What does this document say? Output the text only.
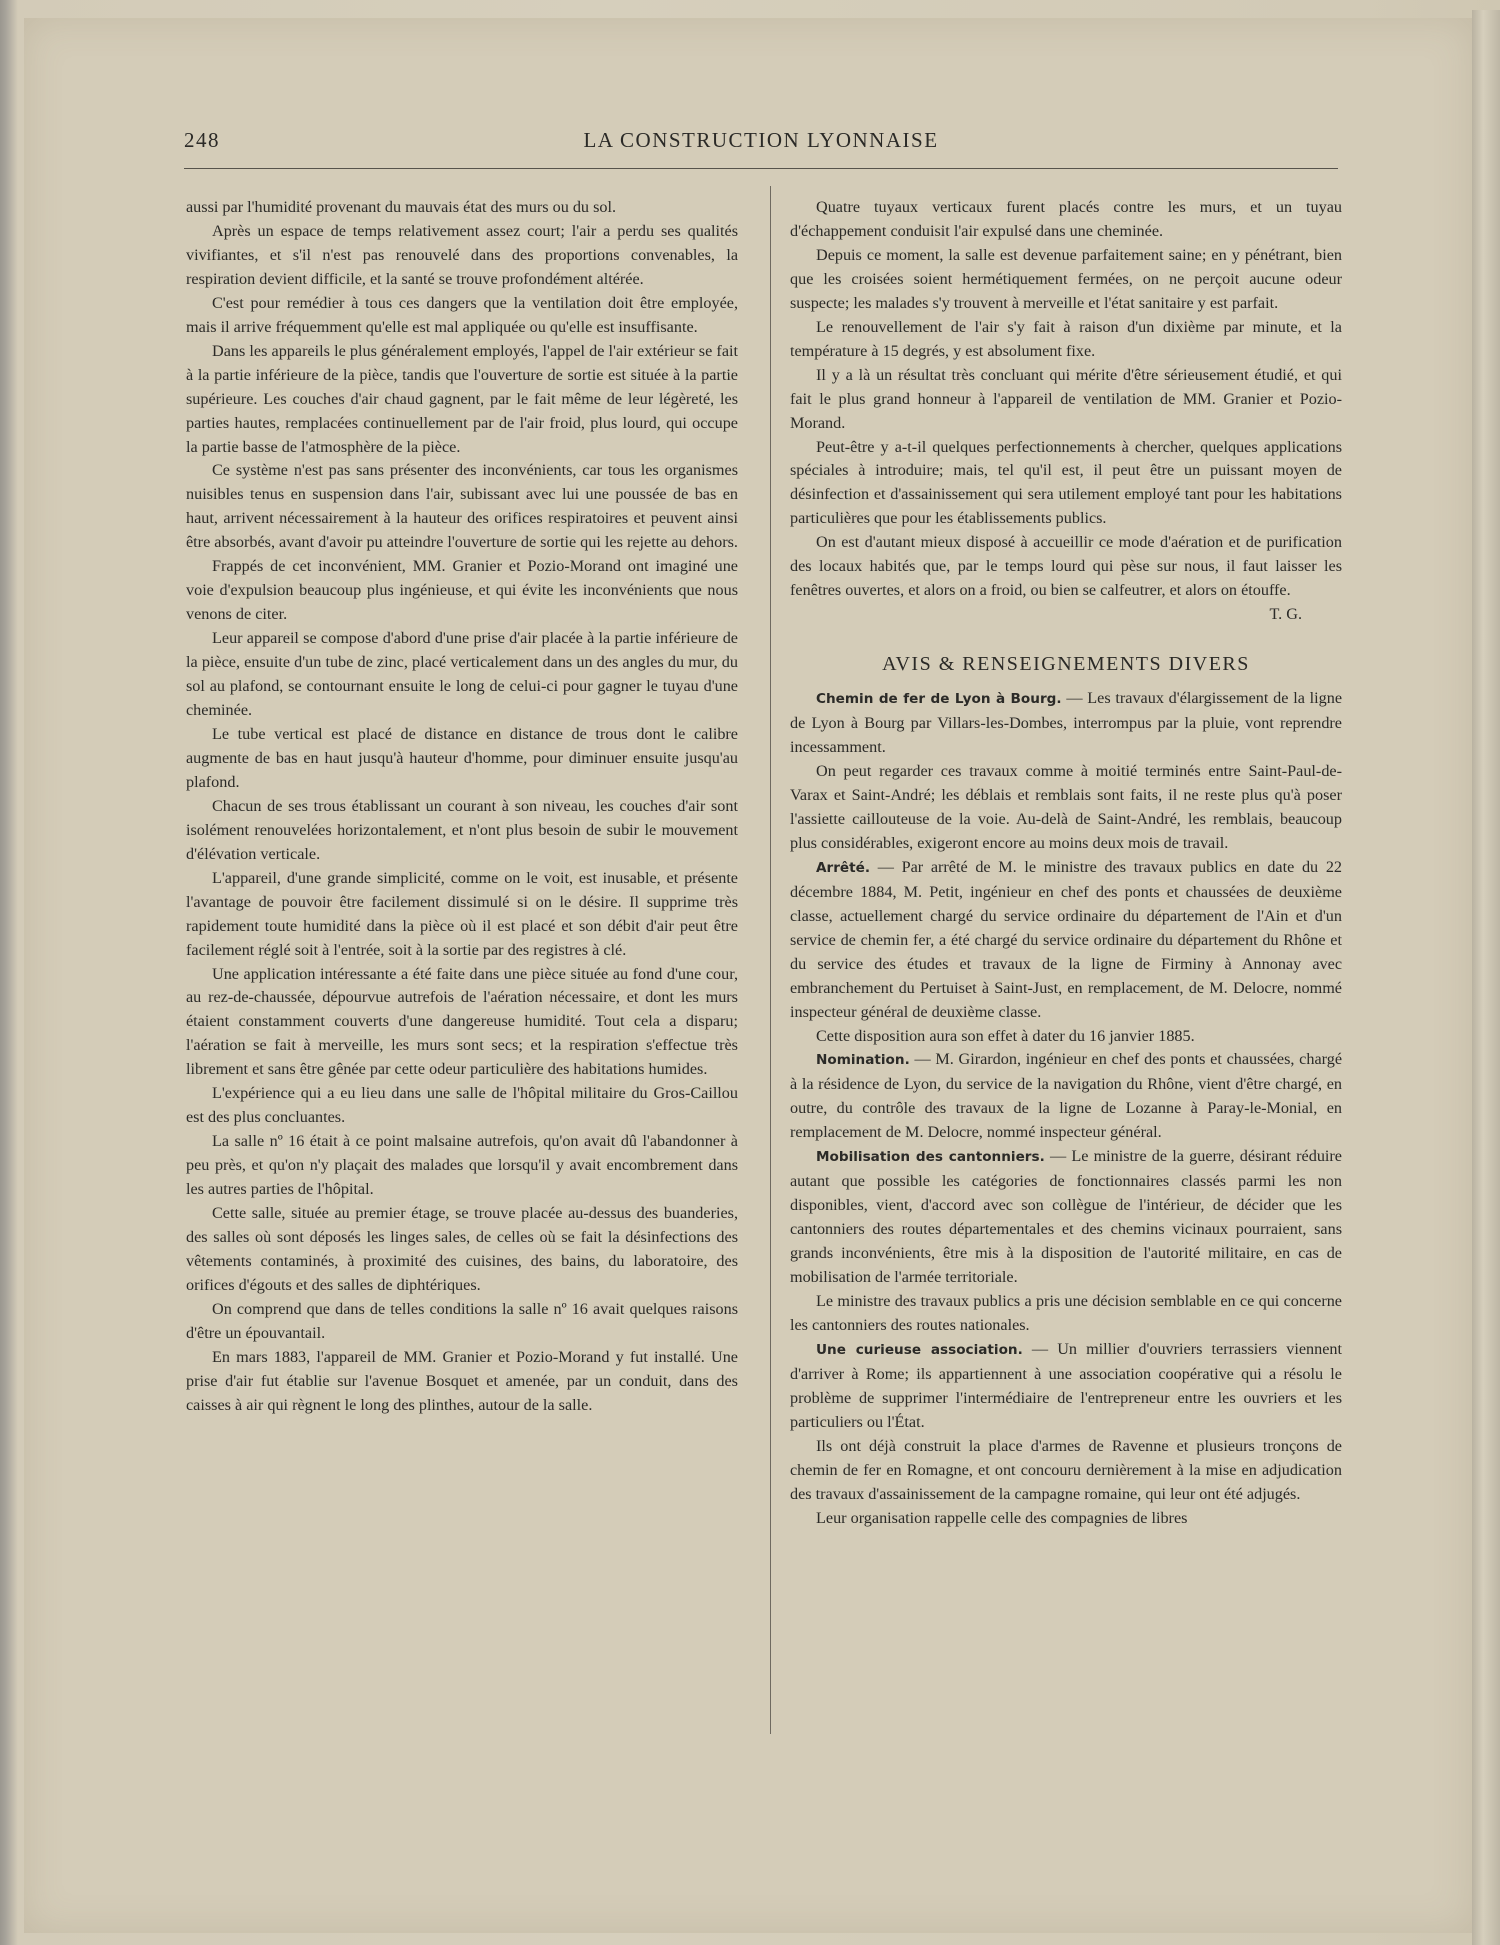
248	LA CONSTRUCTION LYONNAISE

aussi par l'humidité provenant du mauvais état des murs ou du sol.

Après un espace de temps relativement assez court; l'air a perdu ses qualités vivifiantes, et s'il n'est pas renouvelé dans des proportions convenables, la respiration devient difficile, et la santé se trouve profondément altérée.

C'est pour remédier à tous ces dangers que la ventilation doit être employée, mais il arrive fréquemment qu'elle est mal appliquée ou qu'elle est insuffisante.

Dans les appareils le plus généralement employés, l'appel de l'air extérieur se fait à la partie inférieure de la pièce, tandis que l'ouverture de sortie est située à la partie supérieure. Les couches d'air chaud gagnent, par le fait même de leur légèreté, les parties hautes, remplacées continuellement par de l'air froid, plus lourd, qui occupe la partie basse de l'atmosphère de la pièce.

Ce système n'est pas sans présenter des inconvénients, car tous les organismes nuisibles tenus en suspension dans l'air, subissant avec lui une poussée de bas en haut, arrivent nécessairement à la hauteur des orifices respiratoires et peuvent ainsi être absorbés, avant d'avoir pu atteindre l'ouverture de sortie qui les rejette au dehors.

Frappés de cet inconvénient, MM. Granier et Pozio-Morand ont imaginé une voie d'expulsion beaucoup plus ingénieuse, et qui évite les inconvénients que nous venons de citer.

Leur appareil se compose d'abord d'une prise d'air placée à la partie inférieure de la pièce, ensuite d'un tube de zinc, placé verticalement dans un des angles du mur, du sol au plafond, se contournant ensuite le long de celui-ci pour gagner le tuyau d'une cheminée.

Le tube vertical est placé de distance en distance de trous dont le calibre augmente de bas en haut jusqu'à hauteur d'homme, pour diminuer ensuite jusqu'au plafond.

Chacun de ses trous établissant un courant à son niveau, les couches d'air sont isolément renouvelées horizontalement, et n'ont plus besoin de subir le mouvement d'élévation verticale.

L'appareil, d'une grande simplicité, comme on le voit, est inusable, et présente l'avantage de pouvoir être facilement dissimulé si on le désire. Il supprime très rapidement toute humidité dans la pièce où il est placé et son débit d'air peut être facilement réglé soit à l'entrée, soit à la sortie par des registres à clé.

Une application intéressante a été faite dans une pièce située au fond d'une cour, au rez-de-chaussée, dépourvue autrefois de l'aération nécessaire, et dont les murs étaient constamment couverts d'une dangereuse humidité. Tout cela a disparu; l'aération se fait à merveille, les murs sont secs; et la respiration s'effectue très librement et sans être gênée par cette odeur particulière des habitations humides.

L'expérience qui a eu lieu dans une salle de l'hôpital militaire du Gros-Caillou est des plus concluantes.

La salle nº 16 était à ce point malsaine autrefois, qu'on avait dû l'abandonner à peu près, et qu'on n'y plaçait des malades que lorsqu'il y avait encombrement dans les autres parties de l'hôpital.

Cette salle, située au premier étage, se trouve placée au-dessus des buanderies, des salles où sont déposés les linges sales, de celles où se fait la désinfections des vêtements contaminés, à proximité des cuisines, des bains, du laboratoire, des orifices d'égouts et des salles de diphtériques.

On comprend que dans de telles conditions la salle nº 16 avait quelques raisons d'être un épouvantail.

En mars 1883, l'appareil de MM. Granier et Pozio-Morand y fut installé. Une prise d'air fut établie sur l'avenue Bosquet et amenée, par un conduit, dans des caisses à air qui règnent le long des plinthes, autour de la salle.

Quatre tuyaux verticaux furent placés contre les murs, et un tuyau d'échappement conduisit l'air expulsé dans une cheminée.

Depuis ce moment, la salle est devenue parfaitement saine; en y pénétrant, bien que les croisées soient hermétiquement fermées, on ne perçoit aucune odeur suspecte; les malades s'y trouvent à merveille et l'état sanitaire y est parfait.

Le renouvellement de l'air s'y fait à raison d'un dixième par minute, et la température à 15 degrés, y est absolument fixe.

Il y a là un résultat très concluant qui mérite d'être sérieusement étudié, et qui fait le plus grand honneur à l'appareil de ventilation de MM. Granier et Pozio-Morand.

Peut-être y a-t-il quelques perfectionnements à chercher, quelques applications spéciales à introduire; mais, tel qu'il est, il peut être un puissant moyen de désinfection et d'assainissement qui sera utilement employé tant pour les habitations particulières que pour les établissements publics.

On est d'autant mieux disposé à accueillir ce mode d'aération et de purification des locaux habités que, par le temps lourd qui pèse sur nous, il faut laisser les fenêtres ouvertes, et alors on a froid, ou bien se calfeutrer, et alors on étouffe.
T. G.

AVIS & RENSEIGNEMENTS DIVERS

Chemin de fer de Lyon à Bourg. — Les travaux d'élargissement de la ligne de Lyon à Bourg par Villars-les-Dombes, interrompus par la pluie, vont reprendre incessamment.

On peut regarder ces travaux comme à moitié terminés entre Saint-Paul-de-Varax et Saint-André; les déblais et remblais sont faits, il ne reste plus qu'à poser l'assiette caillouteuse de la voie. Au-delà de Saint-André, les remblais, beaucoup plus considérables, exigeront encore au moins deux mois de travail.

Arrêté. — Par arrêté de M. le ministre des travaux publics en date du 22 décembre 1884, M. Petit, ingénieur en chef des ponts et chaussées de deuxième classe, actuellement chargé du service ordinaire du département de l'Ain et d'un service de chemin fer, a été chargé du service ordinaire du département du Rhône et du service des études et travaux de la ligne de Firminy à Annonay avec embranchement du Pertuiset à Saint-Just, en remplacement, de M. Delocre, nommé inspecteur général de deuxième classe.

Cette disposition aura son effet à dater du 16 janvier 1885.

Nomination. — M. Girardon, ingénieur en chef des ponts et chaussées, chargé à la résidence de Lyon, du service de la navigation du Rhône, vient d'être chargé, en outre, du contrôle des travaux de la ligne de Lozanne à Paray-le-Monial, en remplacement de M. Delocre, nommé inspecteur général.

Mobilisation des cantonniers. — Le ministre de la guerre, désirant réduire autant que possible les catégories de fonctionnaires classés parmi les non disponibles, vient, d'accord avec son collègue de l'intérieur, de décider que les cantonniers des routes départementales et des chemins vicinaux pourraient, sans grands inconvénients, être mis à la disposition de l'autorité militaire, en cas de mobilisation de l'armée territoriale.

Le ministre des travaux publics a pris une décision semblable en ce qui concerne les cantonniers des routes nationales.

Une curieuse association. — Un millier d'ouvriers terrassiers viennent d'arriver à Rome; ils appartiennent à une association coopérative qui a résolu le problème de supprimer l'intermédiaire de l'entrepreneur entre les ouvriers et les particuliers ou l'État.

Ils ont déjà construit la place d'armes de Ravenne et plusieurs tronçons de chemin de fer en Romagne, et ont concouru dernièrement à la mise en adjudication des travaux d'assainissement de la campagne romaine, qui leur ont été adjugés.

Leur organisation rappelle celle des compagnies de libres
